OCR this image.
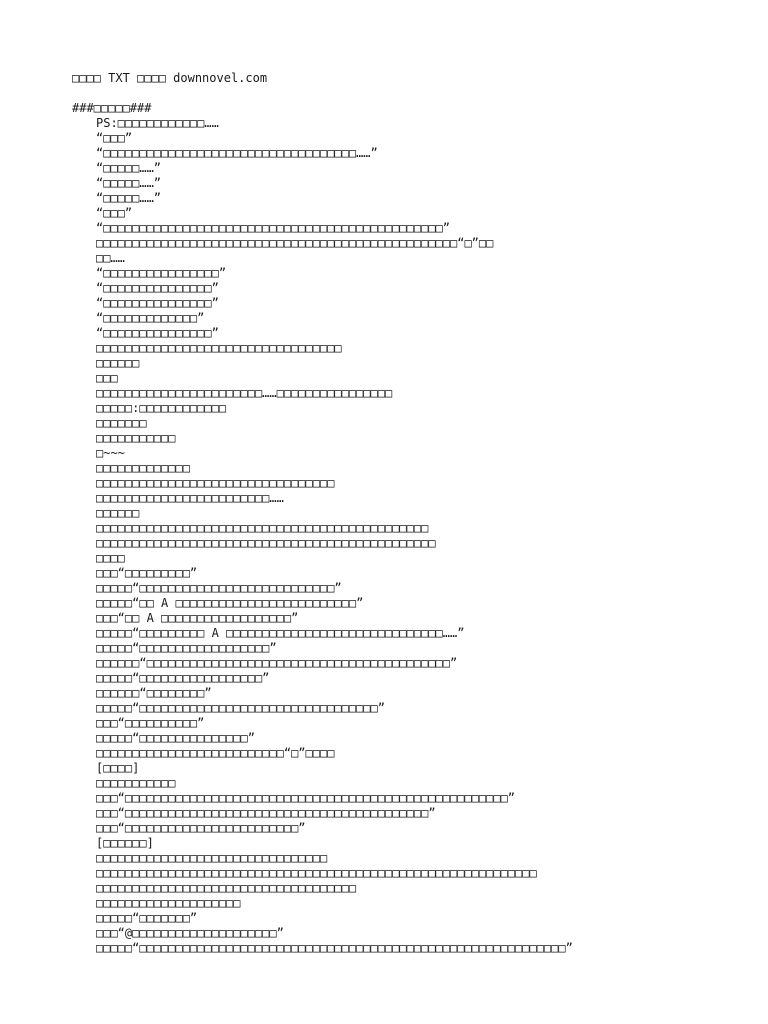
□□□□ TXT □□□□ downnovel.com
###□□□□□###
PS:□□□□□□□□□□□□……
“□□□”
“□□□□□□□□□□□□□□□□□□□□□□□□□□□□□□□□□□□……”
“□□□□□……”
“□□□□□……”
“□□□□□……”
“□□□”
“□□□□□□□□□□□□□□□□□□□□□□□□□□□□□□□□□□□□□□□□□□□□□□□”
□□□□□□□□□□□□□□□□□□□□□□□□□□□□□□□□□□□□□□□□□□□□□□□□□□“□”□□
□□……
“□□□□□□□□□□□□□□□□”
“□□□□□□□□□□□□□□□”
“□□□□□□□□□□□□□□□”
“□□□□□□□□□□□□□”
“□□□□□□□□□□□□□□□”
□□□□□□□□□□□□□□□□□□□□□□□□□□□□□□□□□□
□□□□□□
□□□
□□□□□□□□□□□□□□□□□□□□□□□……□□□□□□□□□□□□□□□□
□□□□□:□□□□□□□□□□□□
□□□□□□□
□□□□□□□□□□□
□~~~
□□□□□□□□□□□□□
□□□□□□□□□□□□□□□□□□□□□□□□□□□□□□□□□
□□□□□□□□□□□□□□□□□□□□□□□□……
□□□□□□
□□□□□□□□□□□□□□□□□□□□□□□□□□□□□□□□□□□□□□□□□□□□□□
□□□□□□□□□□□□□□□□□□□□□□□□□□□□□□□□□□□□□□□□□□□□□□□
□□□□
□□□“□□□□□□□□□”
□□□□□“□□□□□□□□□□□□□□□□□□□□□□□□□□□”
□□□□□“□□ A □□□□□□□□□□□□□□□□□□□□□□□□□”
□□□“□□ A □□□□□□□□□□□□□□□□□□”
□□□□□“□□□□□□□□□ A □□□□□□□□□□□□□□□□□□□□□□□□□□□□□□……”
□□□□□“□□□□□□□□□□□□□□□□□□”
□□□□□□“□□□□□□□□□□□□□□□□□□□□□□□□□□□□□□□□□□□□□□□□□□”
□□□□□“□□□□□□□□□□□□□□□□□”
□□□□□□“□□□□□□□□”
□□□□□“□□□□□□□□□□□□□□□□□□□□□□□□□□□□□□□□□”
□□□“□□□□□□□□□□”
□□□□□“□□□□□□□□□□□□□□□”
□□□□□□□□□□□□□□□□□□□□□□□□□□“□”□□□□
[□□□□]
□□□□□□□□□□□
□□□“□□□□□□□□□□□□□□□□□□□□□□□□□□□□□□□□□□□□□□□□□□□□□□□□□□□□□”
□□□“□□□□□□□□□□□□□□□□□□□□□□□□□□□□□□□□□□□□□□□□□□”
□□□“□□□□□□□□□□□□□□□□□□□□□□□□”
[□□□□□□]
□□□□□□□□□□□□□□□□□□□□□□□□□□□□□□□□
□□□□□□□□□□□□□□□□□□□□□□□□□□□□□□□□□□□□□□□□□□□□□□□□□□□□□□□□□□□□□
□□□□□□□□□□□□□□□□□□□□□□□□□□□□□□□□□□□□
□□□□□□□□□□□□□□□□□□□□
□□□□□“□□□□□□□”
□□□“@□□□□□□□□□□□□□□□□□□□□”
□□□□□“□□□□□□□□□□□□□□□□□□□□□□□□□□□□□□□□□□□□□□□□□□□□□□□□□□□□□□□□□□□”
